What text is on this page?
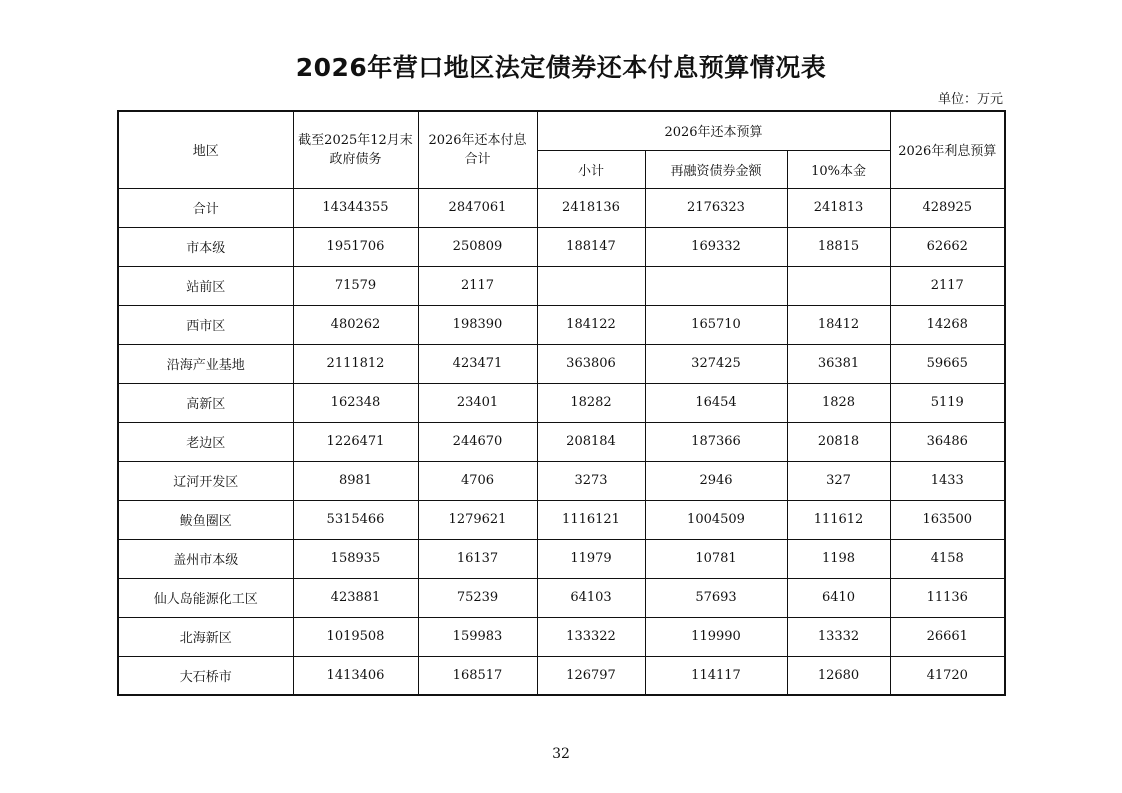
2026年营口地区法定债券还本付息预算情况表
单位：万元
地区	截至2025年12月末政府债务	2026年还本付息合计	2026年还本预算			2026年利息预算
			小计	再融资债券金额	10%本金	
合计	14344355	2847061	2418136	2176323	241813	428925
市本级	1951706	250809	188147	169332	18815	62662
站前区	71579	2117				2117
西市区	480262	198390	184122	165710	18412	14268
沿海产业基地	2111812	423471	363806	327425	36381	59665
高新区	162348	23401	18282	16454	1828	5119
老边区	1226471	244670	208184	187366	20818	36486
辽河开发区	8981	4706	3273	2946	327	1433
鲅鱼圈区	5315466	1279621	1116121	1004509	111612	163500
盖州市本级	158935	16137	11979	10781	1198	4158
仙人岛能源化工区	423881	75239	64103	57693	6410	11136
北海新区	1019508	159983	133322	119990	13332	26661
大石桥市	1413406	168517	126797	114117	12680	41720
32
